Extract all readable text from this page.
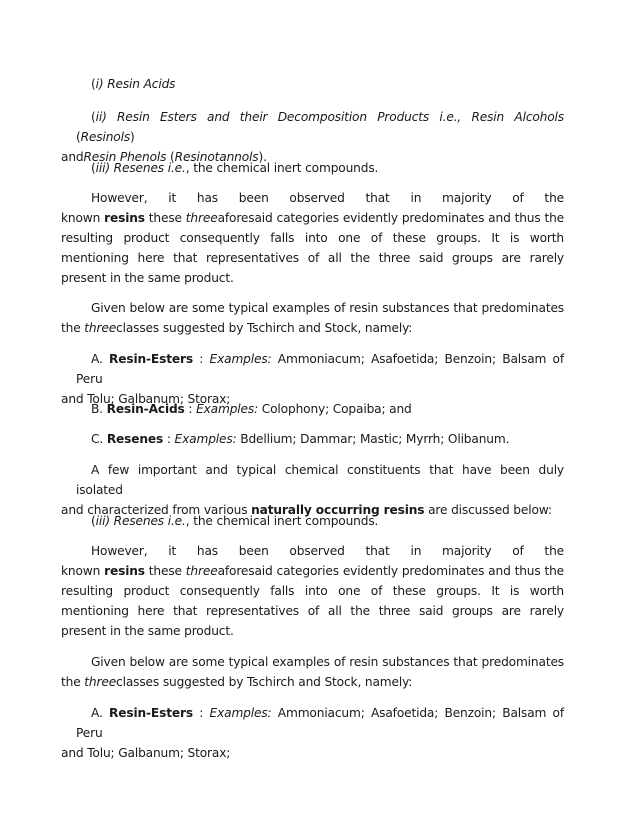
(i) Resin Acids

(ii) Resin Esters and their Decomposition Products i.e., Resin Alcohols (Resinols)
andResin Phenols (Resinotannols).

(iii) Resenes i.e., the chemical inert compounds.

However, it has been observed that in majority of the
known resins these threeaforesaid categories evidently predominates and thus the
resulting product consequently falls into one of these groups. It is worth
mentioning here that representatives of all the three said groups are rarely
present in the same product.

Given below are some typical examples of resin substances that predominates
the threeclasses suggested by Tschirch and Stock, namely:

A. Resin-Esters : Examples: Ammoniacum; Asafoetida; Benzoin; Balsam of Peru
and Tolu; Galbanum; Storax;

B. Resin-Acids : Examples: Colophony; Copaiba; and

C. Resenes : Examples: Bdellium; Dammar; Mastic; Myrrh; Olibanum.

A few important and typical chemical constituents that have been duly isolated
and characterized from various naturally occurring resins are discussed below:

(iii) Resenes i.e., the chemical inert compounds.

However, it has been observed that in majority of the
known resins these threeaforesaid categories evidently predominates and thus the
resulting product consequently falls into one of these groups. It is worth
mentioning here that representatives of all the three said groups are rarely
present in the same product.

Given below are some typical examples of resin substances that predominates
the threeclasses suggested by Tschirch and Stock, namely:

A. Resin-Esters : Examples: Ammoniacum; Asafoetida; Benzoin; Balsam of Peru
and Tolu; Galbanum; Storax;
